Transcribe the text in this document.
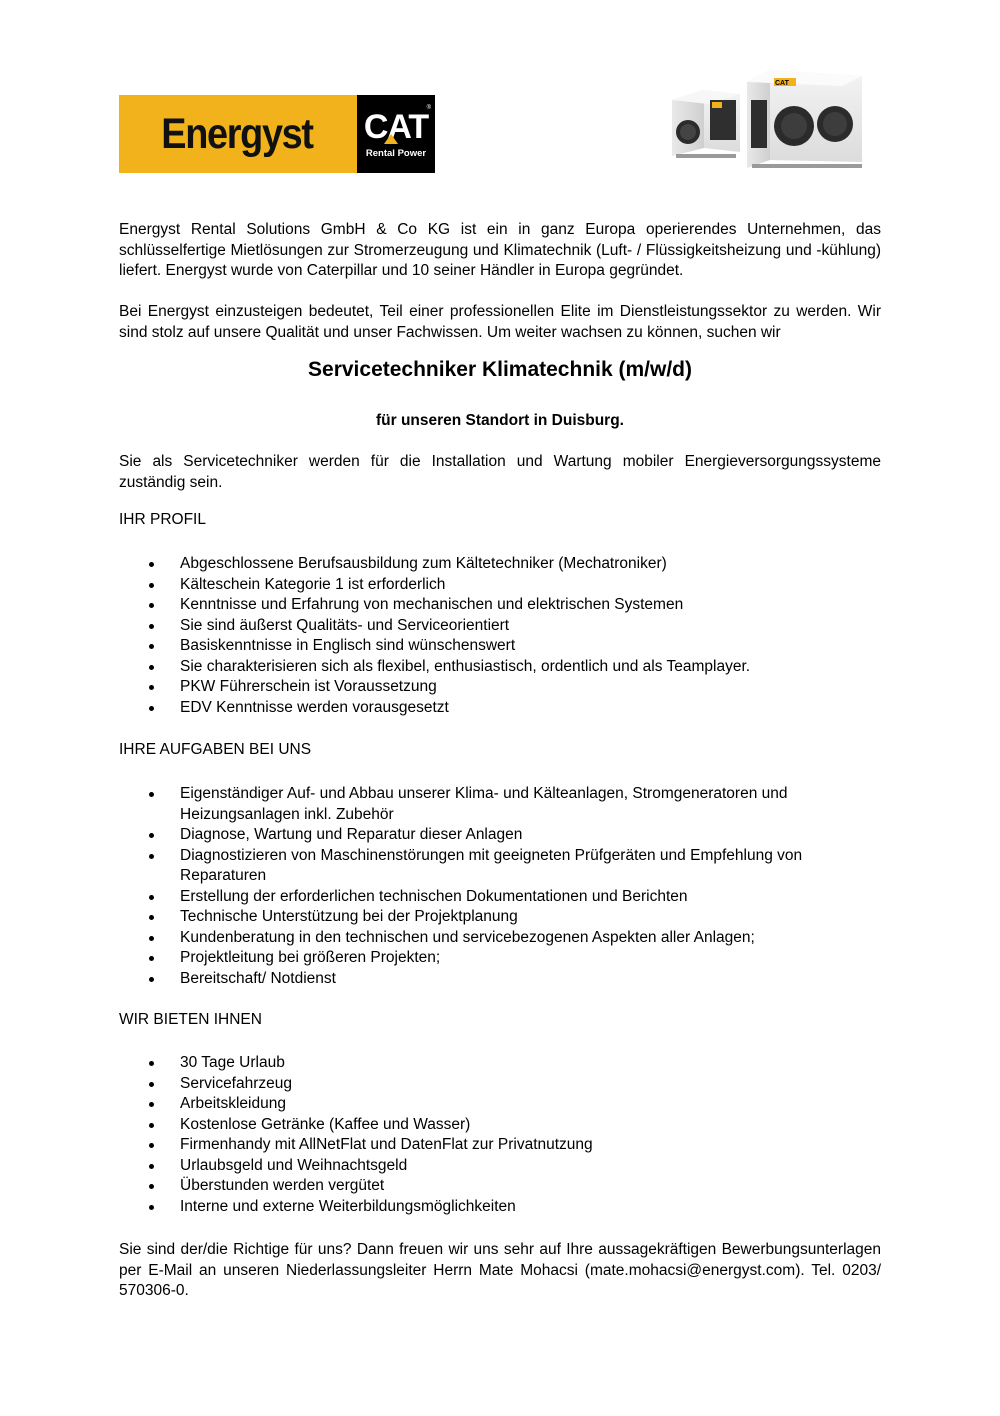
Energyst	CAT
Rental Power
®
CAT

Energyst Rental Solutions GmbH & Co KG ist ein in ganz Europa operierendes Unternehmen, das schlüsselfertige Mietlösungen zur Stromerzeugung und Klimatechnik (Luft- / Flüssigkeitsheizung und -kühlung) liefert. Energyst wurde von Caterpillar und 10 seiner Händler in Europa gegründet.

Bei Energyst einzusteigen bedeutet, Teil einer professionellen Elite im Dienstleistungssektor zu werden. Wir sind stolz auf unsere Qualität und unser Fachwissen. Um weiter wachsen zu können, suchen wir

Servicetechniker Klimatechnik (m/w/d)
für unseren Standort in Duisburg.

Sie als Servicetechniker werden für die Installation und Wartung mobiler Energieversorgungssysteme zuständig sein.

IHR PROFIL
Abgeschlossene Berufsausbildung zum Kältetechniker (Mechatroniker)
Kälteschein Kategorie 1 ist erforderlich
Kenntnisse und Erfahrung von mechanischen und elektrischen Systemen
Sie sind äußerst Qualitäts- und Serviceorientiert
Basiskenntnisse in Englisch sind wünschenswert
Sie charakterisieren sich als flexibel, enthusiastisch, ordentlich und als Teamplayer.
PKW Führerschein ist Voraussetzung
EDV Kenntnisse werden vorausgesetzt
IHRE AUFGABEN BEI UNS
Eigenständiger Auf- und Abbau unserer Klima- und Kälteanlagen, Stromgeneratoren und Heizungsanlagen inkl. Zubehör
Diagnose, Wartung und Reparatur dieser Anlagen
Diagnostizieren von Maschinenstörungen mit geeigneten Prüfgeräten und Empfehlung von Reparaturen
Erstellung der erforderlichen technischen Dokumentationen und Berichten
Technische Unterstützung bei der Projektplanung
Kundenberatung in den technischen und servicebezogenen Aspekten aller Anlagen;
Projektleitung bei größeren Projekten;
Bereitschaft/ Notdienst
WIR BIETEN IHNEN
30 Tage Urlaub
Servicefahrzeug
Arbeitskleidung
Kostenlose Getränke (Kaffee und Wasser)
Firmenhandy mit AllNetFlat und DatenFlat zur Privatnutzung
Urlaubsgeld und Weihnachtsgeld
Überstunden werden vergütet
Interne und externe Weiterbildungsmöglichkeiten

Sie sind der/die Richtige für uns? Dann freuen wir uns sehr auf Ihre aussagekräftigen Bewerbungsunterlagen per E-Mail an unseren Niederlassungsleiter Herrn Mate Mohacsi (mate.mohacsi@energyst.com). Tel. 0203/ 570306-0.
